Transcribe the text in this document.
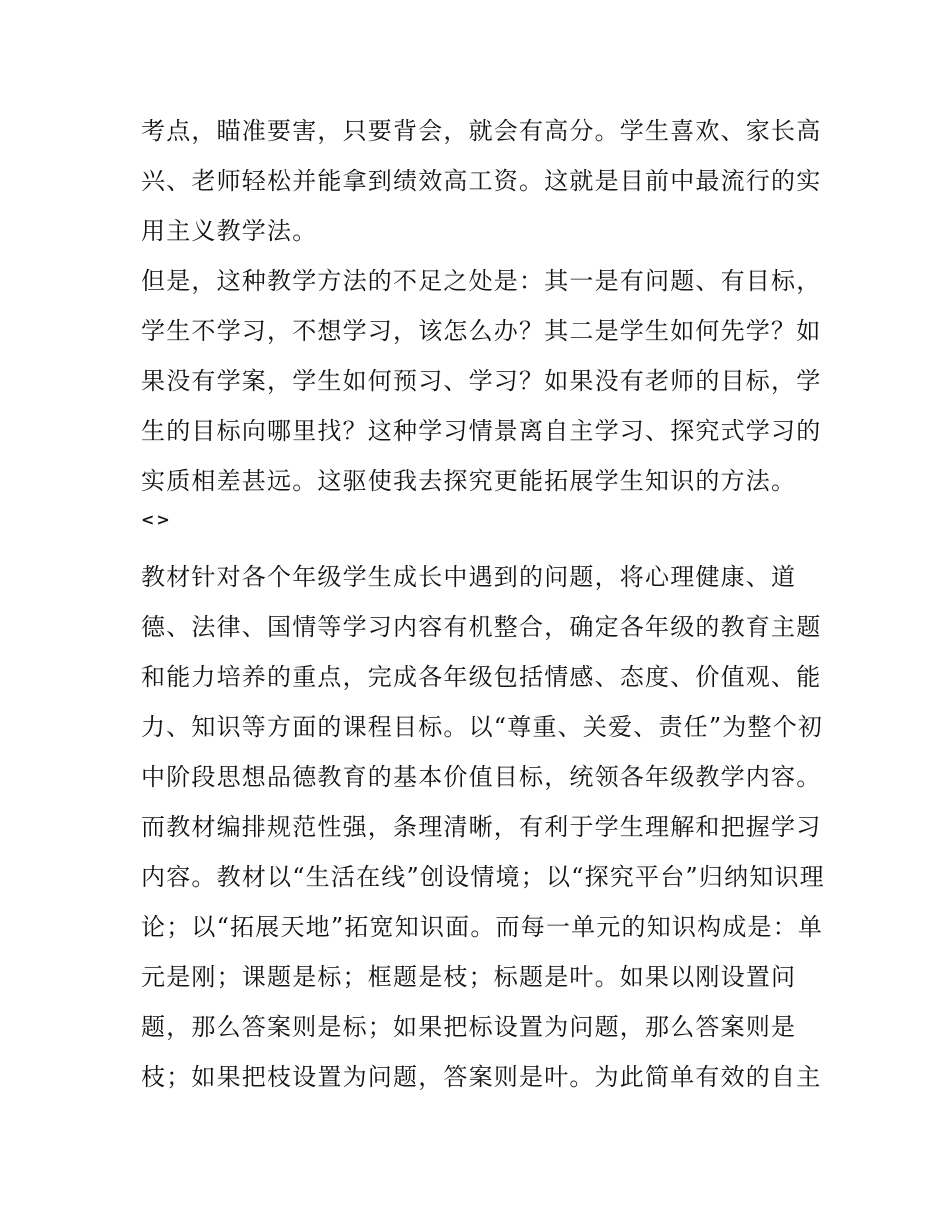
考点，瞄准要害，只要背会，就会有高分。学生喜欢、家长高
兴、老师轻松并能拿到绩效高工资。这就是目前中最流行的实
用主义教学法。
但是，这种教学方法的不足之处是：其一是有问题、有目标，
学生不学习，不想学习，该怎么办？其二是学生如何先学？如
果没有学案，学生如何预习、学习？如果没有老师的目标，学
生的目标向哪里找？这种学习情景离自主学习、探究式学习的
实质相差甚远。这驱使我去探究更能拓展学生知识的方法。
<>
教材针对各个年级学生成长中遇到的问题，将心理健康、道
德、法律、国情等学习内容有机整合，确定各年级的教育主题
和能力培养的重点，完成各年级包括情感、态度、价值观、能
力、知识等方面的课程目标。以“尊重、关爱、责任”为整个初
中阶段思想品德教育的基本价值目标，统领各年级教学内容。
而教材编排规范性强，条理清晰，有利于学生理解和把握学习
内容。教材以“生活在线”创设情境；以“探究平台”归纳知识理
论；以“拓展天地”拓宽知识面。而每一单元的知识构成是：单
元是刚；课题是标；框题是枝；标题是叶。如果以刚设置问
题，那么答案则是标；如果把标设置为问题，那么答案则是
枝；如果把枝设置为问题，答案则是叶。为此简单有效的自主
